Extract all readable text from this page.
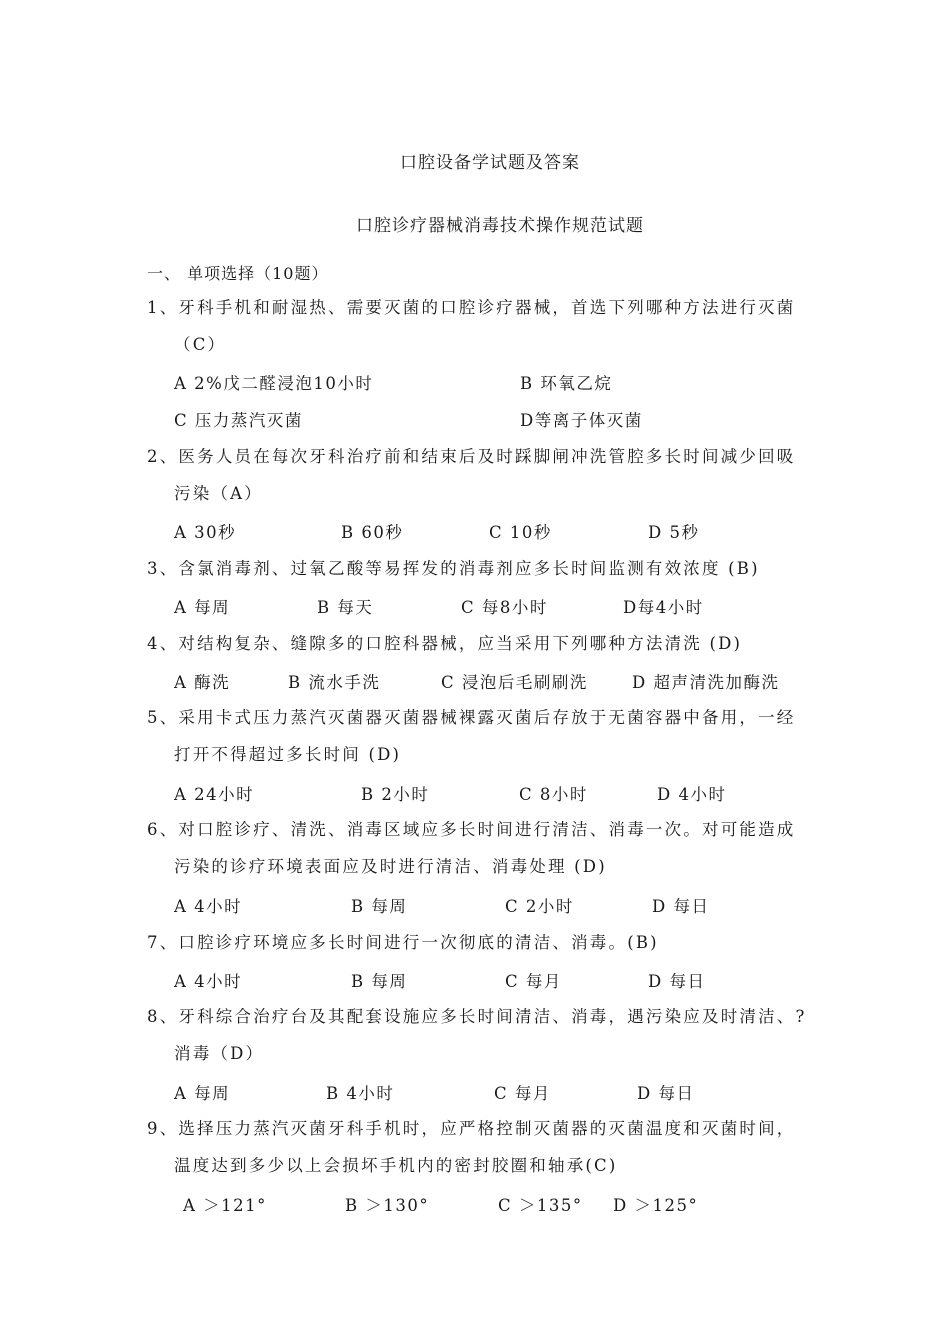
口腔设备学试题及答案
口腔诊疗器械消毒技术操作规范试题
一、 单项选择（10题）
1、牙科手机和耐湿热、需要灭菌的口腔诊疗器械，首选下列哪种方法进行灭菌
（C）
A 2%戊二醛浸泡10小时	B 环氧乙烷
C 压力蒸汽灭菌	D等离子体灭菌
2、医务人员在每次牙科治疗前和结束后及时踩脚闸冲洗管腔多长时间减少回吸
污染（A）
A 30秒	B 60秒	C 10秒	D 5秒
3、含氯消毒剂、过氧乙酸等易挥发的消毒剂应多长时间监测有效浓度 (B)
A 每周	B 每天	C 每8小时	D每4小时
4、对结构复杂、缝隙多的口腔科器械，应当采用下列哪种方法清洗 (D)
A 酶洗	B 流水手洗	C 浸泡后毛刷刷洗	D 超声清洗加酶洗
5、采用卡式压力蒸汽灭菌器灭菌器械裸露灭菌后存放于无菌容器中备用，一经
打开不得超过多长时间 (D)
A 24小时	B 2小时	C 8小时	D 4小时
6、对口腔诊疗、清洗、消毒区域应多长时间进行清洁、消毒一次。对可能造成
污染的诊疗环境表面应及时进行清洁、消毒处理 (D)
A 4小时	B 每周	C 2小时	D 每日
7、口腔诊疗环境应多长时间进行一次彻底的清洁、消毒。(B)
A 4小时	B 每周	C 每月	D 每日
8、牙科综合治疗台及其配套设施应多长时间清洁、消毒，遇污染应及时清洁、?
消毒（D）
A 每周	B 4小时	C 每月	D 每日
9、选择压力蒸汽灭菌牙科手机时，应严格控制灭菌器的灭菌温度和灭菌时间，
温度达到多少以上会损坏手机内的密封胶圈和轴承(C)
A ＞121°	B ＞130°	C ＞135° D ＞125°
